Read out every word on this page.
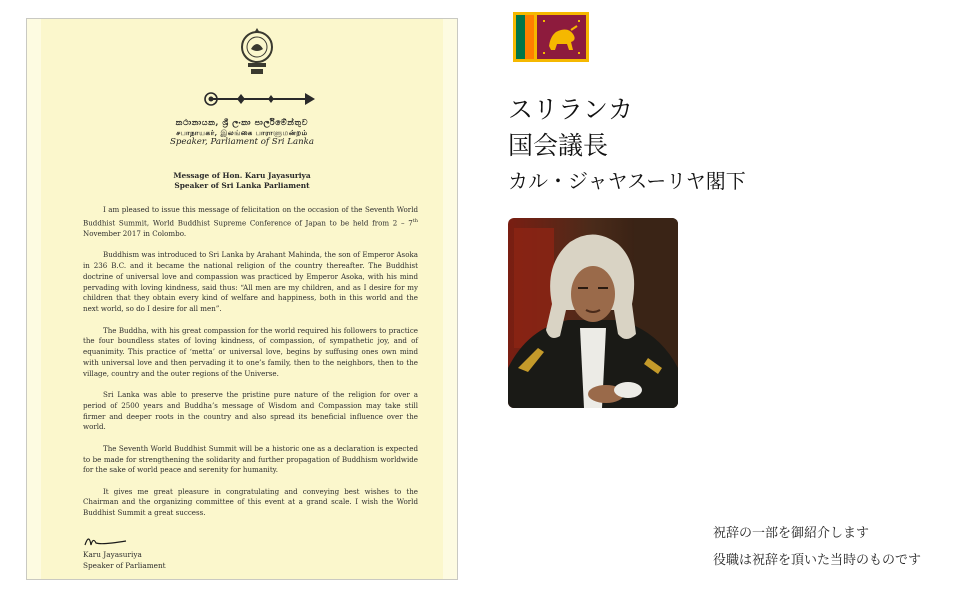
කථානායක, ශ්‍රී ලංකා පාර්ලිමේන්තුව
சபாநாயகர், இலங்கை பாராளுமன்றம்
Speaker, Parliament of Sri Lanka
Message of Hon. Karu Jayasuriya
Speaker of Sri Lanka Parliament

I am pleased to issue this message of felicitation on the occasion of the Seventh World Buddhist Summit, World Buddhist Supreme Conference of Japan to be held from 2 – 7th November 2017 in Colombo.

Buddhism was introduced to Sri Lanka by Arahant Mahinda, the son of Emperor Asoka in 236 B.C. and it became the national religion of the country thereafter. The Buddhist doctrine of universal love and compassion was practiced by Emperor Asoka, with his mind pervading with loving kindness, said thus: “All men are my children, and as I desire for my children that they obtain every kind of welfare and happiness, both in this world and the next world, so do I desire for all men”.

The Buddha, with his great compassion for the world required his followers to practice the four boundless states of loving kindness, of compassion, of sympathetic joy, and of equanimity. This practice of ‘metta’ or universal love, begins by suffusing ones own mind with universal love and then pervading it to one’s family, then to the neighbors, then to the village, country and the outer regions of the Universe.

Sri Lanka was able to preserve the pristine pure nature of the religion for over a period of 2500 years and Buddha’s message of Wisdom and Compassion may take still firmer and deeper roots in the country and also spread its beneficial influence over the world.

The Seventh World Buddhist Summit will be a historic one as a declaration is expected to be made for strengthening the solidarity and further propagation of Buddhism worldwide for the sake of world peace and serenity for humanity.

It gives me great pleasure in congratulating and conveying best wishes to the Chairman and the organizing committee of this event at a grand scale. I wish the World Buddhist Summit a great success.

Karu Jayasuriya
Speaker of Parliament
スリランカ
国会議長
カル・ジャヤスーリヤ閣下
祝辞の一部を御紹介します
役職は祝辞を頂いた当時のものです
